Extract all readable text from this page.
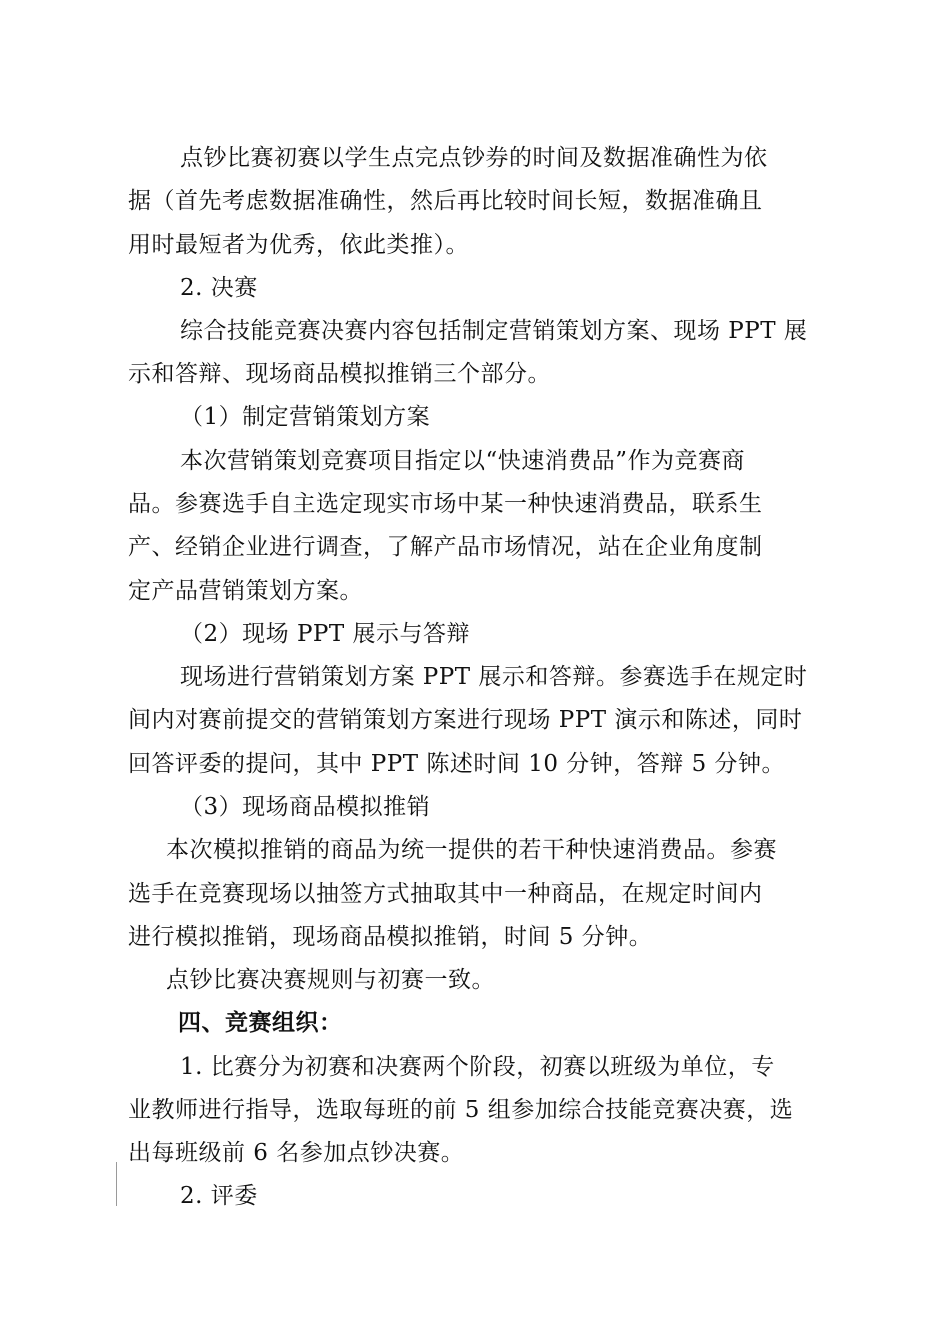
点钞比赛初赛以学生点完点钞券的时间及数据准确性为依
据（首先考虑数据准确性，然后再比较时间长短，数据准确且
用时最短者为优秀，依此类推）。
2. 决赛
综合技能竞赛决赛内容包括制定营销策划方案、现场 PPT 展
示和答辩、现场商品模拟推销三个部分。
（1）制定营销策划方案
本次营销策划竞赛项目指定以“快速消费品”作为竞赛商
品。参赛选手自主选定现实市场中某一种快速消费品，联系生
产、经销企业进行调查，了解产品市场情况，站在企业角度制
定产品营销策划方案。
（2）现场 PPT 展示与答辩
现场进行营销策划方案 PPT 展示和答辩。参赛选手在规定时
间内对赛前提交的营销策划方案进行现场 PPT 演示和陈述，同时
回答评委的提问，其中 PPT 陈述时间 10 分钟，答辩 5 分钟。
（3）现场商品模拟推销
本次模拟推销的商品为统一提供的若干种快速消费品。参赛
选手在竞赛现场以抽签方式抽取其中一种商品，在规定时间内
进行模拟推销，现场商品模拟推销，时间 5 分钟。
点钞比赛决赛规则与初赛一致。
四、竞赛组织：
1. 比赛分为初赛和决赛两个阶段，初赛以班级为单位，专
业教师进行指导，选取每班的前 5 组参加综合技能竞赛决赛，选
出每班级前 6 名参加点钞决赛。
2. 评委
